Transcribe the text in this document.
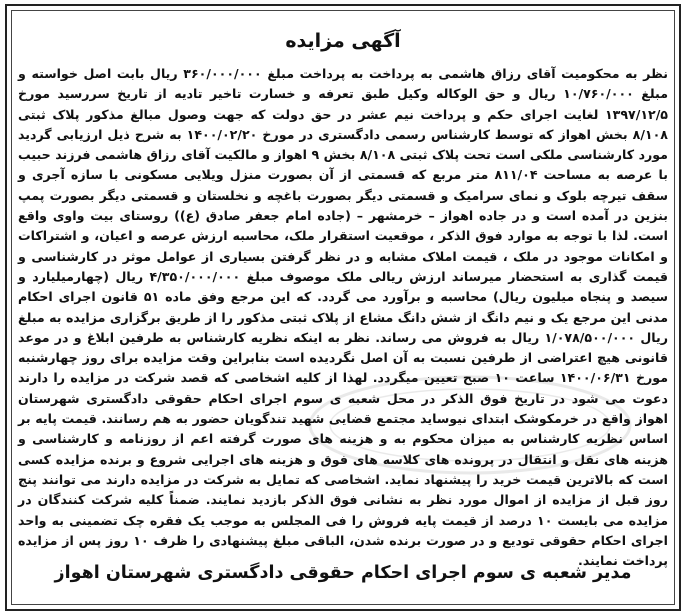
آگهی مزایده
نظر به محکومیت آقای رزاق هاشمی به پرداخت به پرداخت مبلغ ۳۶۰/۰۰۰/۰۰۰ ریال بابت اصل خواسته و مبلغ ۱۰/۷۶۰/۰۰۰ ریال و حق الوکاله وکیل طبق تعرفه و خسارت تاخیر تادیه از تاریخ سررسید مورخ ۱۳۹۷/۱۲/۵ لغایت اجرای حکم و پرداخت نیم عشر در حق دولت که جهت وصول مبالغ مذکور پلاک ثبتی ۸/۱۰۸ بخش اهواز که توسط کارشناس رسمی دادگستری در مورخ ۱۴۰۰/۰۲/۲۰ به شرح ذیل ارزیابی گردید مورد کارشناسی ملکی است تحت پلاک ثبتی ۸/۱۰۸ بخش ۹ اهواز و مالکیت آقای رزاق هاشمی فرزند حبیب با عرصه به مساحت ۸۱۱/۰۴ متر مربع که قسمتی از آن بصورت منزل ویلایی مسکونی با سازه آجری و سقف تیرچه بلوک و نمای سرامیک و قسمتی دیگر بصورت باغچه و نخلستان و قسمتی دیگر بصورت پمپ بنزین در آمده است و در جاده اهواز – خرمشهر – (جاده امام جعفر صادق (ع)) روستای بیت واوی واقع است. لذا با توجه به موارد فوق الذکر ، موقعیت استقرار ملک، محاسبه ارزش عرصه و اعیان، و اشتراکات و امکانات موجود در ملک ، قیمت املاک مشابه و در نظر گرفتن بسیاری از عوامل موثر در کارشناسی و قیمت گذاری به استحضار میرساند ارزش ریالی ملک موصوف مبلغ ۴/۳۵۰/۰۰۰/۰۰۰ ریال (چهارمیلیارد و سیصد و پنجاه میلیون ریال) محاسبه و برآورد می گردد. که این مرجع وفق ماده ۵۱ قانون اجرای احکام مدنی این مرجع یک و نیم دانگ از شش دانگ مشاع از پلاک ثبتی مذکور را از طریق برگزاری مزایده به مبلغ ریال ۱/۰۷۸/۵۰۰/۰۰۰ ریال به فروش می رساند. نظر به اینکه نظریه کارشناس به طرفین ابلاغ و در موعد قانونی هیچ اعتراضی از طرفین نسبت به آن اصل نگردیده است بنابراین وقت مزایده برای روز چهارشنبه مورخ ۱۴۰۰/۰۶/۳۱ ساعت ۱۰ صبح تعیین میگردد. لهذا از کلیه اشخاصی که قصد شرکت در مزایده را دارند دعوت می شود در تاریخ فوق الذکر در محل شعبه ی سوم اجرای احکام حقوقی دادگستری شهرستان اهواز واقع در خرمکوشک ابتدای نیوساید مجتمع قضایی شهید تندگویان حضور به هم رسانند. قیمت پایه بر اساس نظریه کارشناس به میزان محکوم به و هزینه های صورت گرفته اعم از روزنامه و کارشناسی و هزینه های نقل و انتقال در پرونده های کلاسه های فوق و هزینه های اجرایی شروع و برنده مزایده کسی است که بالاترین قیمت خرید را پیشنهاد نماید. اشخاصی که تمایل به شرکت در مزایده دارند می توانند پنج روز قبل از مزایده از اموال مورد نظر به نشانی فوق الذکر بازدید نمایند. ضمناً کلیه شرکت کنندگان در مزایده می بایست ۱۰ درصد از قیمت پایه فروش را فی المجلس به موجب یک فقره چک تضمینی به واحد اجرای احکام حقوقی تودیع و در صورت برنده شدن، الباقی مبلغ پیشنهادی را ظرف ۱۰ روز پس از مزایده پرداخت نمایند.
مدیر شعبه ی سوم اجرای احکام حقوقی دادگستری شهرستان اهواز
